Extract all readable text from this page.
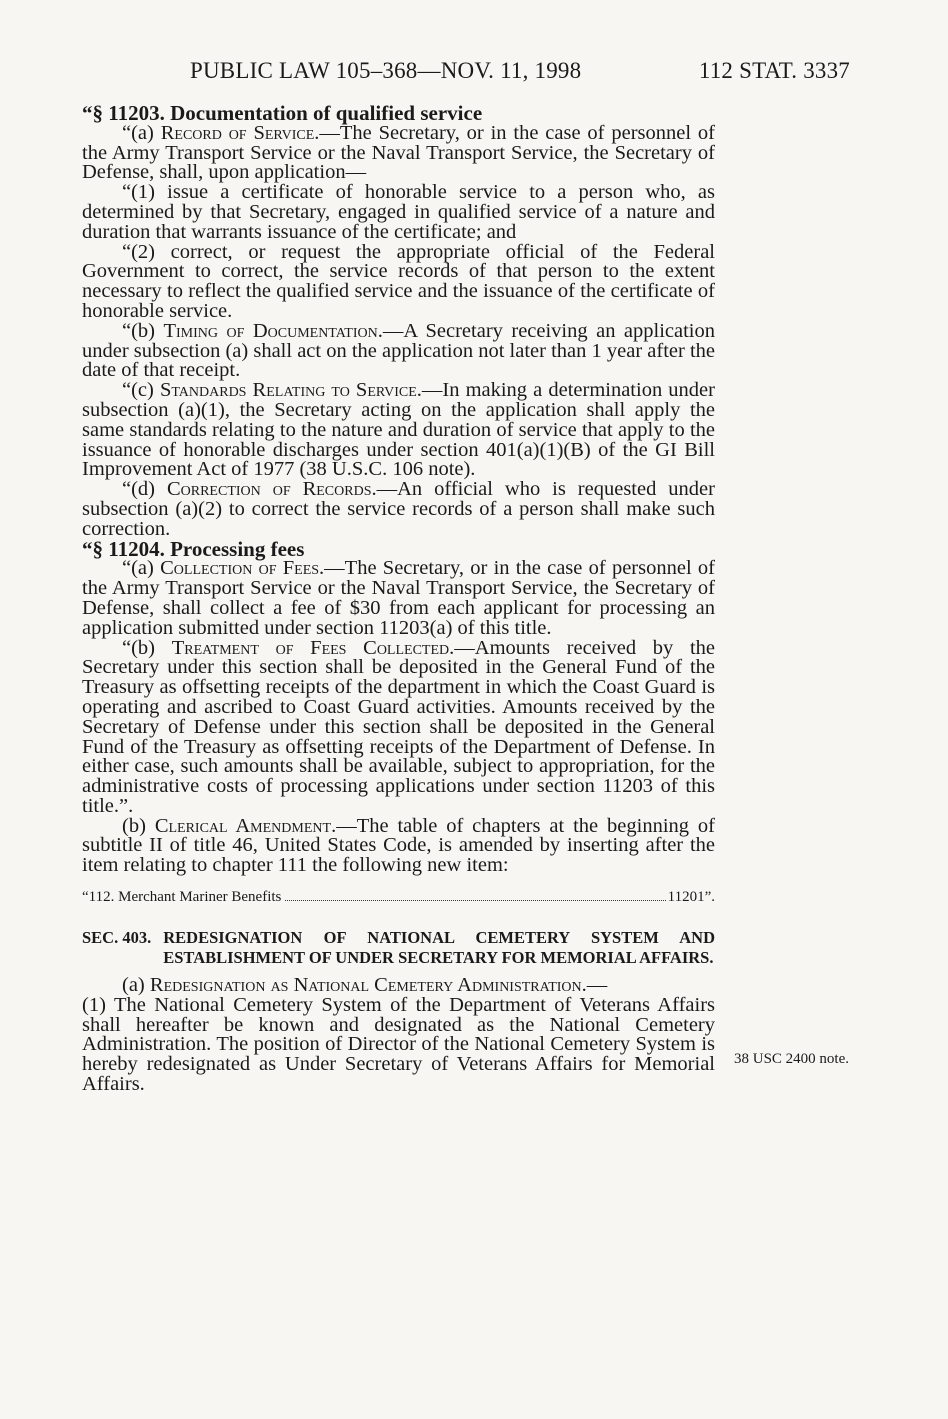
PUBLIC LAW 105–368—NOV. 11, 1998	112 STAT. 3337

“§ 11203. Documentation of qualified service

“(a) Record of Service.—The Secretary, or in the case of personnel of the Army Transport Service or the Naval Transport Service, the Secretary of Defense, shall, upon application—

“(1) issue a certificate of honorable service to a person who, as determined by that Secretary, engaged in qualified service of a nature and duration that warrants issuance of the certificate; and

“(2) correct, or request the appropriate official of the Federal Government to correct, the service records of that person to the extent necessary to reflect the qualified service and the issuance of the certificate of honorable service.

“(b) Timing of Documentation.—A Secretary receiving an application under subsection (a) shall act on the application not later than 1 year after the date of that receipt.

“(c) Standards Relating to Service.—In making a determination under subsection (a)(1), the Secretary acting on the application shall apply the same standards relating to the nature and duration of service that apply to the issuance of honorable discharges under section 401(a)(1)(B) of the GI Bill Improvement Act of 1977 (38 U.S.C. 106 note).

“(d) Correction of Records.—An official who is requested under subsection (a)(2) to correct the service records of a person shall make such correction.

“§ 11204. Processing fees

“(a) Collection of Fees.—The Secretary, or in the case of personnel of the Army Transport Service or the Naval Transport Service, the Secretary of Defense, shall collect a fee of $30 from each applicant for processing an application submitted under section 11203(a) of this title.

“(b) Treatment of Fees Collected.—Amounts received by the Secretary under this section shall be deposited in the General Fund of the Treasury as offsetting receipts of the department in which the Coast Guard is operating and ascribed to Coast Guard activities. Amounts received by the Secretary of Defense under this section shall be deposited in the General Fund of the Treasury as offsetting receipts of the Department of Defense. In either case, such amounts shall be available, subject to appropriation, for the administrative costs of processing applications under section 11203 of this title.”.

(b) Clerical Amendment.—The table of chapters at the beginning of subtitle II of title 46, United States Code, is amended by inserting after the item relating to chapter 111 the following new item:

“112. Merchant Mariner Benefits	11201”.
SEC. 403. REDESIGNATION OF NATIONAL CEMETERY SYSTEM AND ESTABLISHMENT OF UNDER SECRETARY FOR MEMORIAL AFFAIRS.

(a) Redesignation as National Cemetery Administration.—

(1) The National Cemetery System of the Department of Veterans Affairs shall hereafter be known and designated as the National Cemetery Administration. The position of Director of the National Cemetery System is hereby redesignated as Under Secretary of Veterans Affairs for Memorial Affairs.

38 USC 2400 note.
